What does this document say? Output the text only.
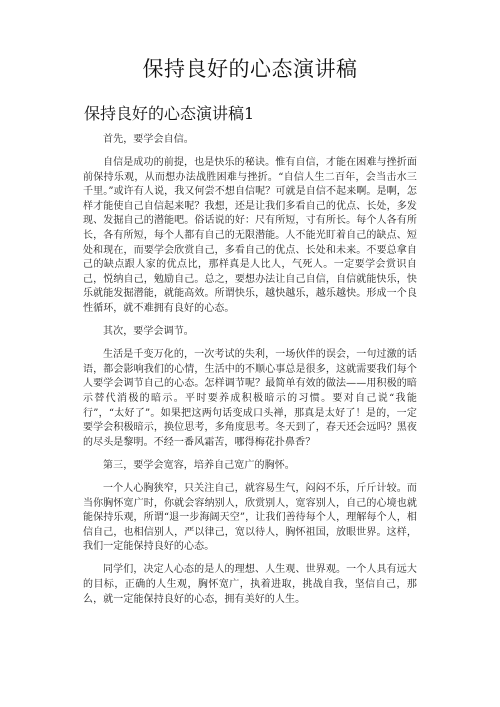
保持良好的心态演讲稿
保持良好的心态演讲稿1

首先，要学会自信。

自信是成功的前提，也是快乐的秘诀。惟有自信，才能在困难与挫折面前保持乐观，从而想办法战胜困难与挫折。“自信人生二百年，会当击水三千里。”或许有人说，我又何尝不想自信呢？可就是自信不起来啊。是啊，怎样才能使自己自信起来呢？我想，还是让我们多看自己的优点、长处，多发现、发掘自己的潜能吧。俗话说的好：尺有所短，寸有所长。每个人各有所长，各有所短，每个人都有自己的无限潜能。人不能光盯着自己的缺点、短处和现在，而要学会欣赏自己，多看自己的优点、长处和未来。不要总拿自己的缺点跟人家的优点比，那样真是人比人，气死人。一定要学会赏识自己，悦纳自己，勉励自己。总之，要想办法让自己自信，自信就能快乐，快乐就能发掘潜能，就能高效。所谓快乐，越快越乐，越乐越快。形成一个良性循环，就不难拥有良好的心态。

其次，要学会调节。

生活是千变万化的，一次考试的失利，一场伙伴的误会，一句过激的话语，都会影响我们的心情，生活中的不顺心事总是很多，这就需要我们每个人要学会调节自己的心态。怎样调节呢？最简单有效的做法——用积极的暗示替代消极的暗示。平时要养成积极暗示的习惯。要对自己说“我能行”，“太好了”。如果把这两句话变成口头禅，那真是太好了！是的，一定要学会积极暗示，换位思考，多角度思考。冬天到了，春天还会远吗？黑夜的尽头是黎明。不经一番风霜苦，哪得梅花扑鼻香？

第三，要学会宽容，培养自己宽广的胸怀。

一个人心胸狭窄，只关注自己，就容易生气，闷闷不乐，斤斤计较。而当你胸怀宽广时，你就会容纳别人，欣赏别人，宽容别人，自己的心境也就能保持乐观，所谓“退一步海阔天空”，让我们善待每个人，理解每个人，相信自己，也相信别人，严以律己，宽以待人，胸怀祖国，放眼世界。这样，我们一定能保持良好的心态。

同学们，决定人心态的是人的理想、人生观、世界观。一个人具有远大的目标，正确的人生观，胸怀宽广，执着进取，挑战自我，坚信自己，那么，就一定能保持良好的心态，拥有美好的人生。
